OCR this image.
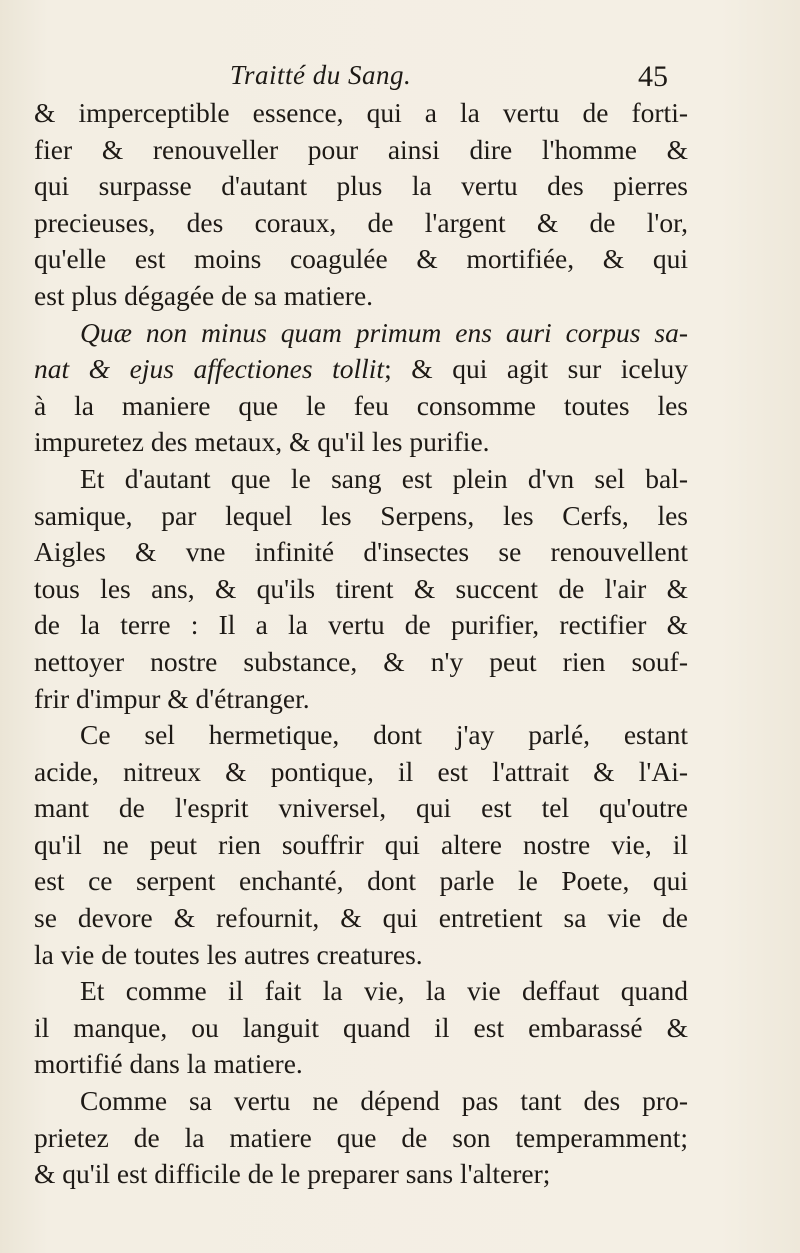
Traitté du Sang.	45
& imperceptible essence, qui a la vertu de forti-
fier & renouveller pour ainsi dire l'homme &
qui surpasse d'autant plus la vertu des pierres
precieuses, des coraux, de l'argent & de l'or,
qu'elle est moins coagulée & mortifiée, & qui
est plus dégagée de sa matiere.
Quæ non minus quam primum ens auri corpus sa-
nat & ejus affectiones tollit; & qui agit sur iceluy
à la maniere que le feu consomme toutes les
impuretez des metaux, & qu'il les purifie.
Et d'autant que le sang est plein d'vn sel bal-
samique, par lequel les Serpens, les Cerfs, les
Aigles & vne infinité d'insectes se renouvellent
tous les ans, & qu'ils tirent & succent de l'air &
de la terre : Il a la vertu de purifier, rectifier &
nettoyer nostre substance, & n'y peut rien souf-
frir d'impur & d'étranger.
Ce sel hermetique, dont j'ay parlé, estant
acide, nitreux & pontique, il est l'attrait & l'Ai-
mant de l'esprit vniversel, qui est tel qu'outre
qu'il ne peut rien souffrir qui altere nostre vie, il
est ce serpent enchanté, dont parle le Poete, qui
se devore & refournit, & qui entretient sa vie de
la vie de toutes les autres creatures.
Et comme il fait la vie, la vie deffaut quand
il manque, ou languit quand il est embarassé &
mortifié dans la matiere.
Comme sa vertu ne dépend pas tant des pro-
prietez de la matiere que de son temperamment;
& qu'il est difficile de le preparer sans l'alterer;
